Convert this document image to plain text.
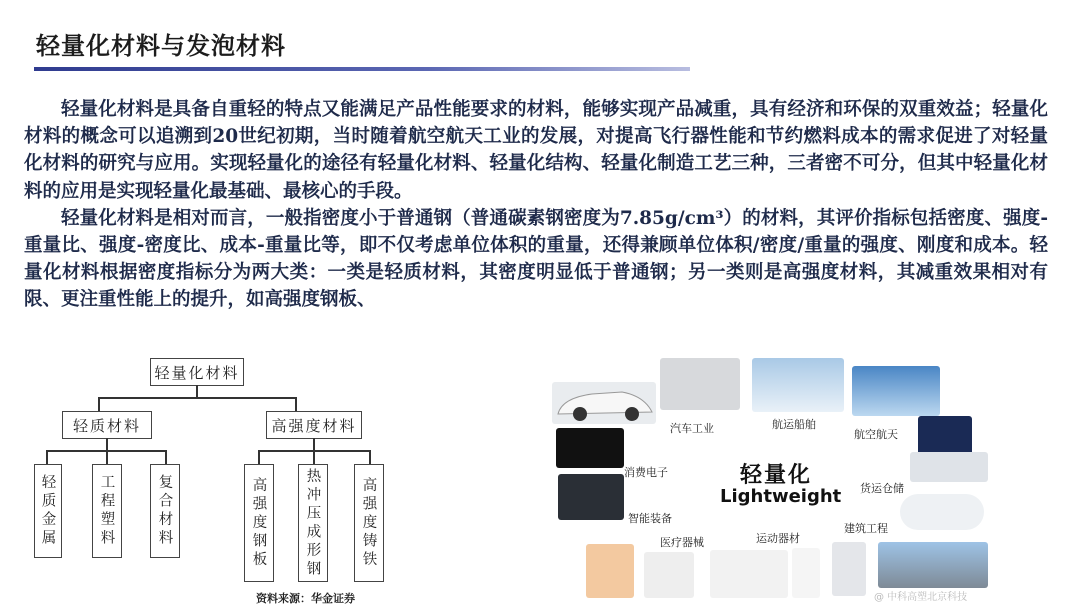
轻量化材料与发泡材料

轻量化材料是具备自重轻的特点又能满足产品性能要求的材料，能够实现产品减重，具有经济和环保的双重效益；轻量化材料的概念可以追溯到20世纪初期，当时随着航空航天工业的发展，对提高飞行器性能和节约燃料成本的需求促进了对轻量化材料的研究与应用。实现轻量化的途径有轻量化材料、轻量化结构、轻量化制造工艺三种，三者密不可分，但其中轻量化材料的应用是实现轻量化最基础、最核心的手段。

轻量化材料是相对而言，一般指密度小于普通钢（普通碳素钢密度为7.85g/cm³）的材料，其评价指标包括密度、强度-重量比、强度-密度比、成本-重量比等，即不仅考虑单位体积的重量，还得兼顾单位体积/密度/重量的强度、刚度和成本。轻量化材料根据密度指标分为两大类：一类是轻质材料，其密度明显低于普通钢；另一类则是高强度材料，其减重效果相对有限、更注重性能上的提升，如高强度钢板、

轻量化材料
轻质材料	高强度材料
轻质金属	工程塑料	复合材料	高强度钢板	热冲压成形钢	高强度铸铁
资料来源：华金证券
汽车工业	航运船舶
航空航天
消费电子	轻量化
Lightweight 货运仓储
智能装备
医疗器械	运动器材
建筑工程
@ 中科高塑北京科技
